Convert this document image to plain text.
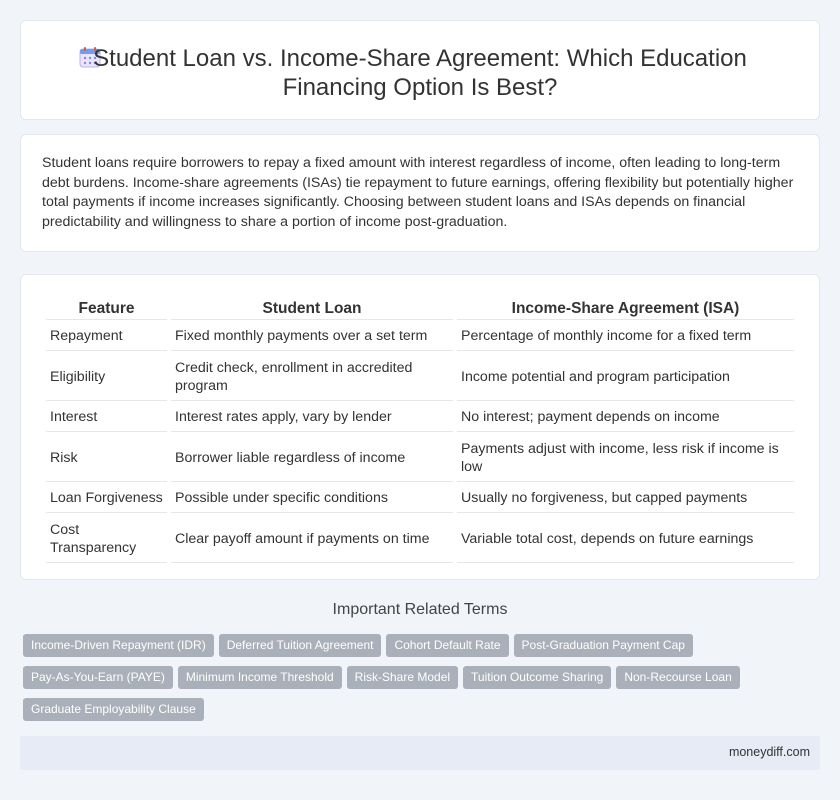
Student Loan vs. Income-Share Agreement: Which Education Financing Option Is Best?

Student loans require borrowers to repay a fixed amount with interest regardless of income, often leading to long-term debt burdens. Income-share agreements (ISAs) tie repayment to future earnings, offering flexibility but potentially higher total payments if income increases significantly. Choosing between student loans and ISAs depends on financial predictability and willingness to share a portion of income post-graduation.

Feature	Student Loan	Income-Share Agreement (ISA)
Repayment	Fixed monthly payments over a set term	Percentage of monthly income for a fixed term
Eligibility	Credit check, enrollment in accredited program	Income potential and program participation
Interest	Interest rates apply, vary by lender	No interest; payment depends on income
Risk	Borrower liable regardless of income	Payments adjust with income, less risk if income is low
Loan Forgiveness	Possible under specific conditions	Usually no forgiveness, but capped payments
Cost Transparency	Clear payoff amount if payments on time	Variable total cost, depends on future earnings
Important Related Terms
Income-Driven Repayment (IDR) Deferred Tuition Agreement Cohort Default Rate Post-Graduation Payment Cap
Pay-As-You-Earn (PAYE) Minimum Income Threshold Risk-Share Model Tuition Outcome Sharing Non-Recourse Loan
Graduate Employability Clause
moneydiff.com
